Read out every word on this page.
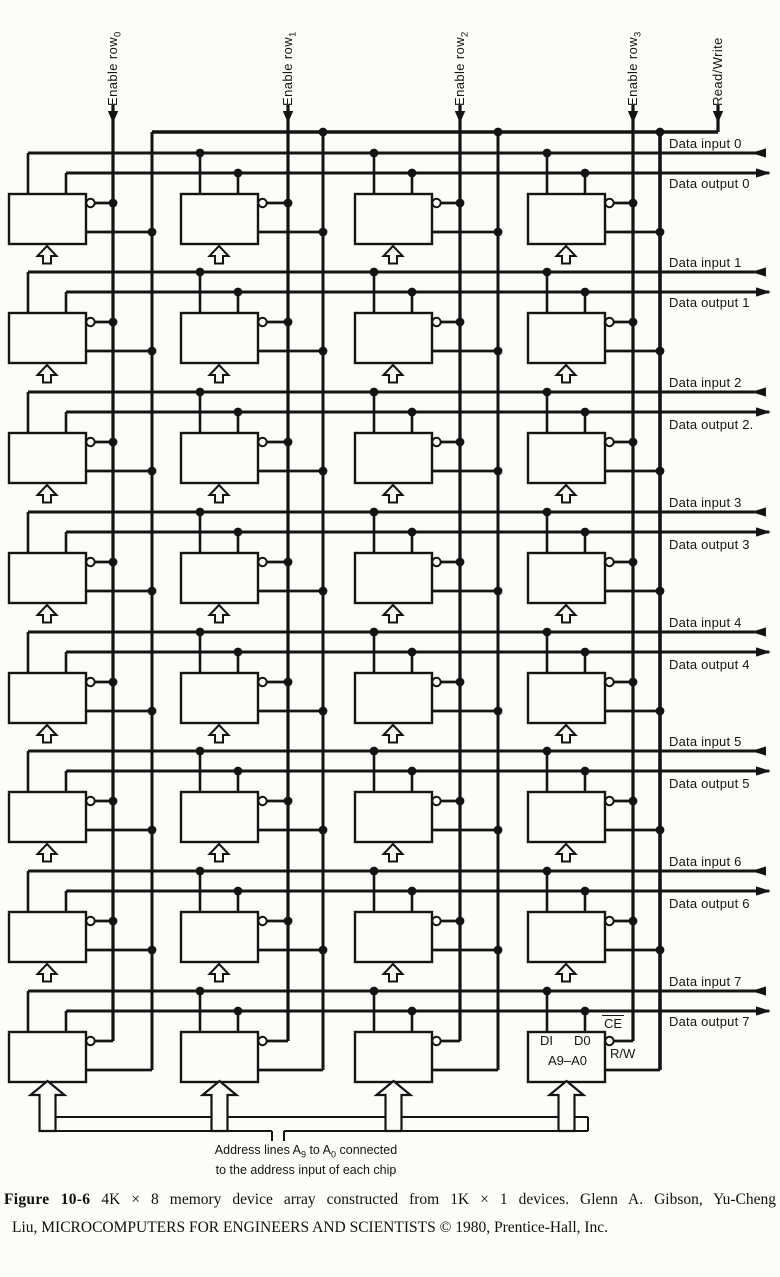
Enable row$_0$
Enable row$_1$
Enable row$_2$
Enable row$_3$
Read/Write
Data input 0
Data output 0
Data input 1
Data output 1
Data input 2
Data output 2.
Data input 3
Data output 3
Data input 4
Data output 4
Data input 5
Data output 5
Data input 6
Data output 6
Data input 7
Data output 7
DI D0
A9–A0
CE
R/W
Address lines $A_9$ to $A_0$ connected
to the address input of each chip
Figure 10-6 4K × 8 memory device array constructed from 1K × 1 devices. Glenn A. Gibson, Yu-Cheng
Liu, MICROCOMPUTERS FOR ENGINEERS AND SCIENTISTS © 1980, Prentice-Hall, Inc.
